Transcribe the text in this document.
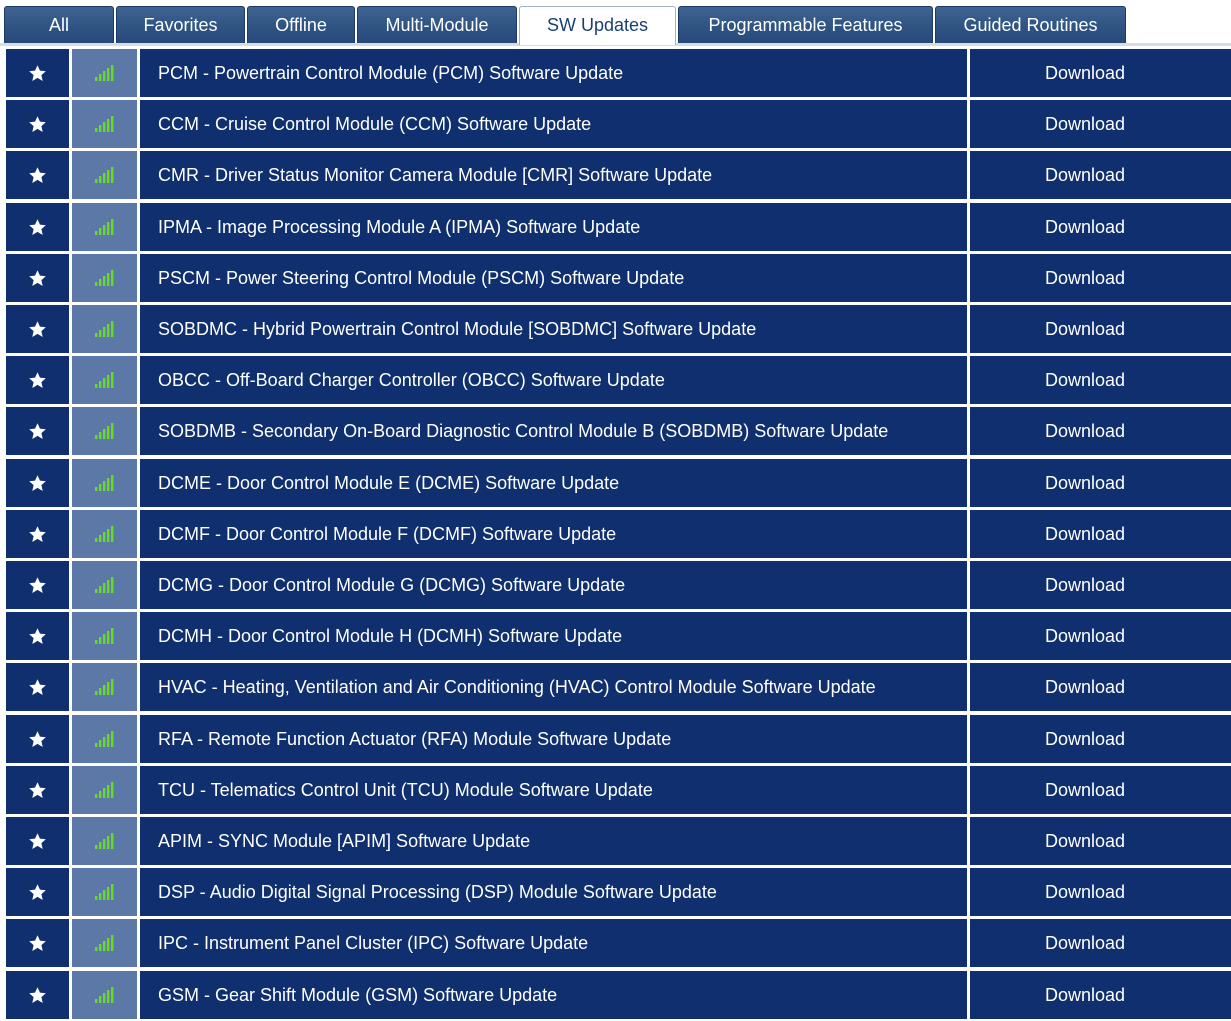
All	Favorites	Offline	Multi-Module	SW Updates	Programmable Features	Guided Routines
PCM - Powertrain Control Module (PCM) Software Update	Download
CCM - Cruise Control Module (CCM) Software Update	Download
CMR - Driver Status Monitor Camera Module [CMR] Software Update	Download
IPMA - Image Processing Module A (IPMA) Software Update	Download
PSCM - Power Steering Control Module (PSCM) Software Update	Download
SOBDMC - Hybrid Powertrain Control Module [SOBDMC] Software Update	Download
OBCC - Off-Board Charger Controller (OBCC) Software Update	Download
SOBDMB - Secondary On-Board Diagnostic Control Module B (SOBDMB) Software Update	Download
DCME - Door Control Module E (DCME) Software Update	Download
DCMF - Door Control Module F (DCMF) Software Update	Download
DCMG - Door Control Module G (DCMG) Software Update	Download
DCMH - Door Control Module H (DCMH) Software Update	Download
HVAC - Heating, Ventilation and Air Conditioning (HVAC) Control Module Software Update	Download
RFA - Remote Function Actuator (RFA) Module Software Update	Download
TCU - Telematics Control Unit (TCU) Module Software Update	Download
APIM - SYNC Module [APIM] Software Update	Download
DSP - Audio Digital Signal Processing (DSP) Module Software Update	Download
IPC - Instrument Panel Cluster (IPC) Software Update	Download
GSM - Gear Shift Module (GSM) Software Update	Download
